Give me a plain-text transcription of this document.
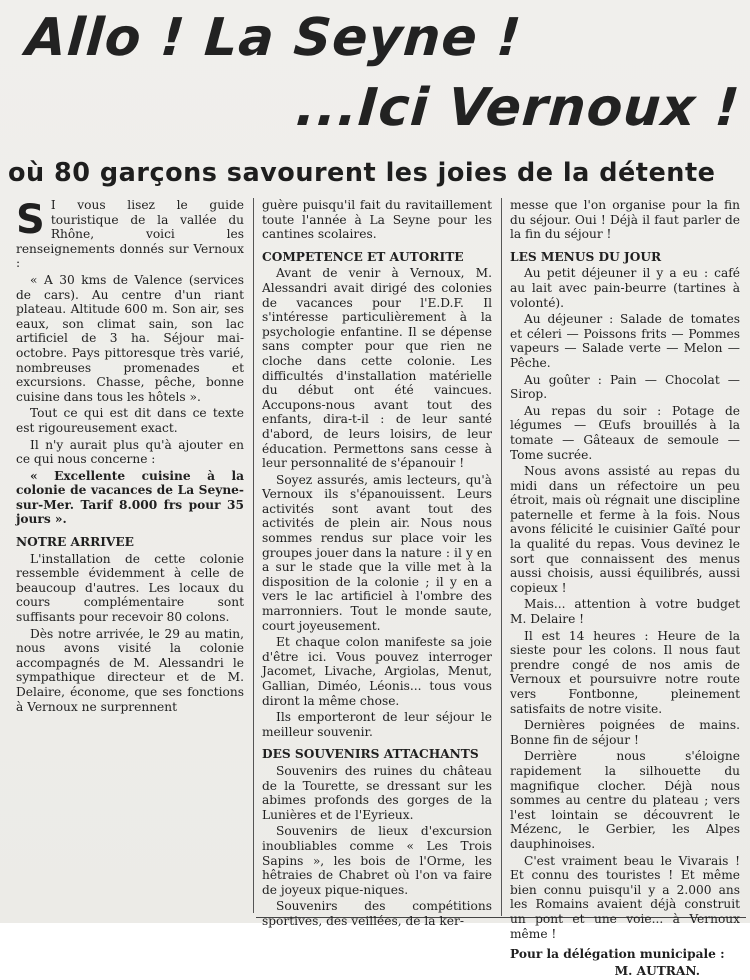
Allo ! La Seyne !
...Ici Vernoux !
où 80 garçons savourent les joies de la détente

S I vous lisez le guide touristique de la vallée du Rhône, voici les renseignements donnés sur Vernoux :

« A 30 kms de Valence (services de cars). Au centre d'un riant plateau. Altitude 600 m. Son air, ses eaux, son climat sain, son lac artificiel de 3 ha. Séjour mai-octobre. Pays pittoresque très varié, nombreuses promenades et excursions. Chasse, pêche, bonne cuisine dans tous les hôtels ».

Tout ce qui est dit dans ce texte est rigoureusement exact.

Il n'y aurait plus qu'à ajouter en ce qui nous concerne :

« Excellente cuisine à la colonie de vacances de La Seyne-sur-Mer. Tarif 8.000 frs pour 35 jours ».

NOTRE ARRIVEE

L'installation de cette colonie ressemble évidemment à celle de beaucoup d'autres. Les locaux du cours complémentaire sont suffisants pour recevoir 80 colons.

Dès notre arrivée, le 29 au matin, nous avons visité la colonie accompagnés de M. Alessandri le sympathique directeur et de M. Delaire, économe, que ses fonctions à Vernoux ne surprennent

guère puisqu'il fait du ravitaillement toute l'année à La Seyne pour les cantines scolaires.

COMPETENCE ET AUTORITE

Avant de venir à Vernoux, M. Alessandri avait dirigé des colonies de vacances pour l'E.D.F. Il s'intéresse particulièrement à la psychologie enfantine. Il se dépense sans compter pour que rien ne cloche dans cette colonie. Les difficultés d'installation matérielle du début ont été vaincues. Accupons-nous avant tout des enfants, dira-t-il : de leur santé d'abord, de leurs loisirs, de leur éducation. Permettons sans cesse à leur personnalité de s'épanouir !

Soyez assurés, amis lecteurs, qu'à Vernoux ils s'épanouissent. Leurs activités sont avant tout des activités de plein air. Nous nous sommes rendus sur place voir les groupes jouer dans la nature : il y en a sur le stade que la ville met à la disposition de la colonie ; il y en a vers le lac artificiel à l'ombre des marronniers. Tout le monde saute, court joyeusement.

Et chaque colon manifeste sa joie d'être ici. Vous pouvez interroger Jacomet, Livache, Argiolas, Menut, Gallian, Diméo, Léonis... tous vous diront la même chose.

Ils emporteront de leur séjour le meilleur souvenir.

DES SOUVENIRS ATTACHANTS

Souvenirs des ruines du château de la Tourette, se dressant sur les abimes profonds des gorges de la Lunières et de l'Eyrieux.

Souvenirs de lieux d'excursion inoubliables comme « Les Trois Sapins », les bois de l'Orme, les hêtraies de Chabret où l'on va faire de joyeux pique-niques.

Souvenirs des compétitions sportives, des veillées, de la ker-

messe que l'on organise pour la fin du séjour. Oui ! Déjà il faut parler de la fin du séjour !

LES MENUS DU JOUR

Au petit déjeuner il y a eu : café au lait avec pain-beurre (tartines à volonté).

Au déjeuner : Salade de tomates et céleri — Poissons frits — Pommes vapeurs — Salade verte — Melon — Pêche.

Au goûter : Pain — Chocolat — Sirop.

Au repas du soir : Potage de légumes — Œufs brouillés à la tomate — Gâteaux de semoule — Tome sucrée.

Nous avons assisté au repas du midi dans un réfectoire un peu étroit, mais où régnait une discipline paternelle et ferme à la fois. Nous avons félicité le cuisinier Gaïté pour la qualité du repas. Vous devinez le sort que connaissent des menus aussi choisis, aussi équilibrés, aussi copieux !

Mais... attention à votre budget M. Delaire !

Il est 14 heures : Heure de la sieste pour les colons. Il nous faut prendre congé de nos amis de Vernoux et poursuivre notre route vers Fontbonne, pleinement satisfaits de notre visite.

Dernières poignées de mains. Bonne fin de séjour !

Derrière nous s'éloigne rapidement la silhouette du magnifique clocher. Déjà nous sommes au centre du plateau ; vers l'est lointain se découvrent le Mézenc, le Gerbier, les Alpes dauphinoises.

C'est vraiment beau le Vivarais ! Et connu des touristes ! Et même bien connu puisqu'il y a 2.000 ans les Romains avaient déjà construit un pont et une voie... à Vernoux même !

Pour la délégation municipale :

M. AUTRAN.
